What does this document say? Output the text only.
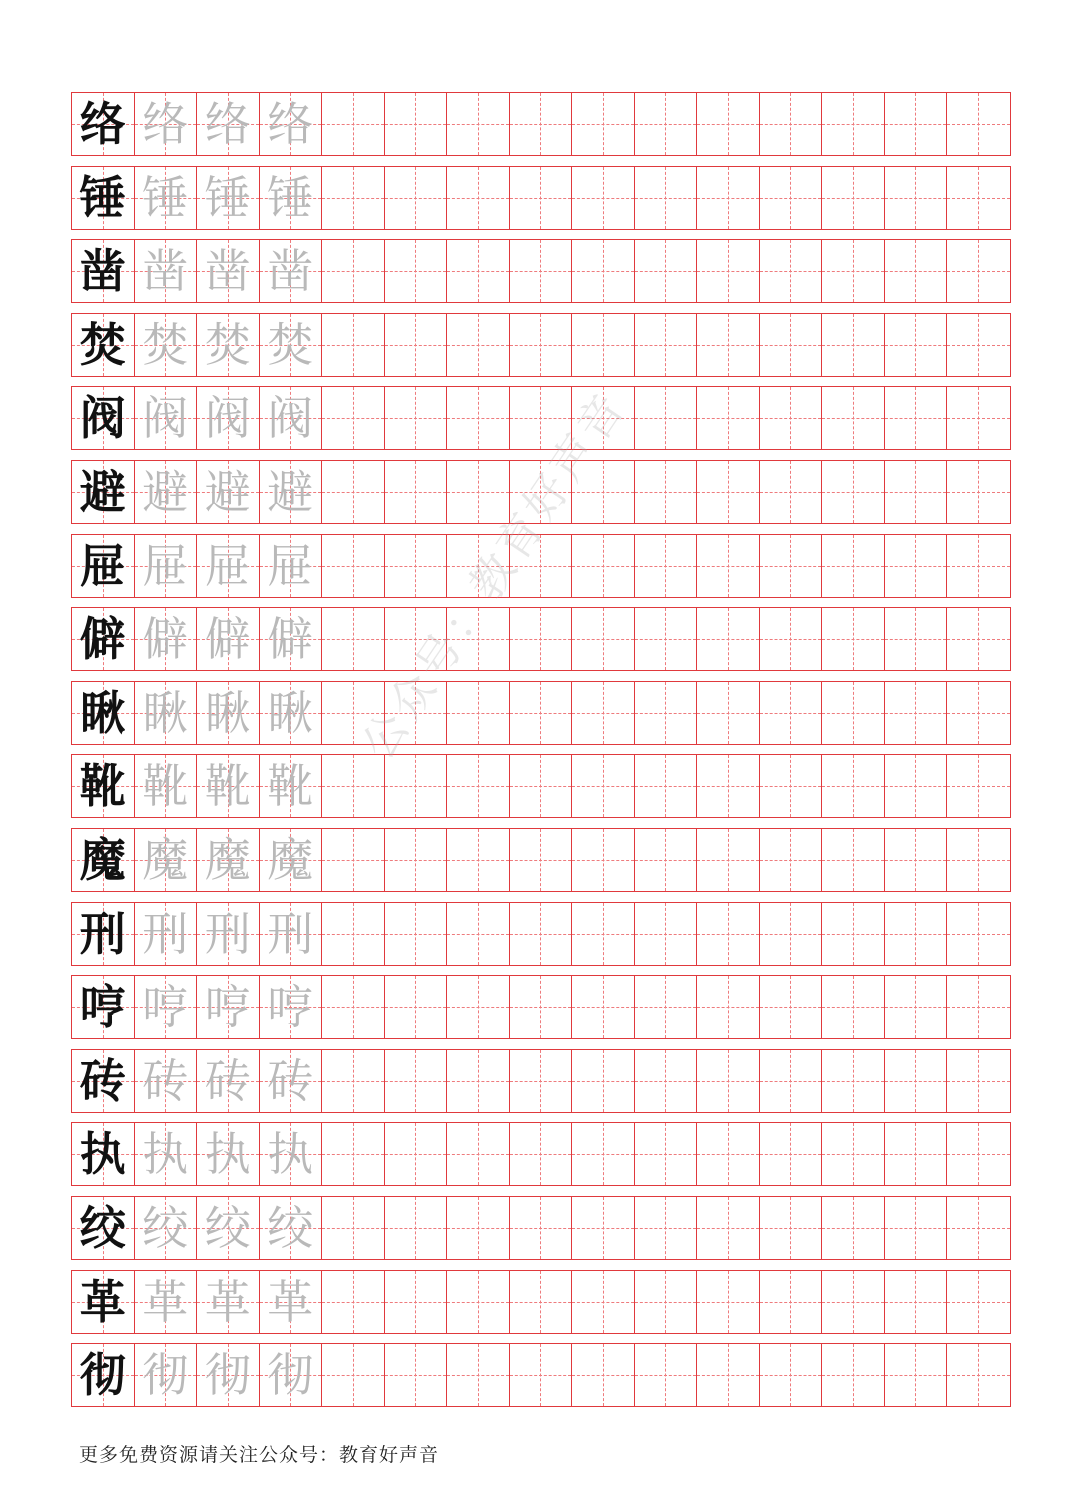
络 络 络 络
锤 锤 锤 锤
凿 凿 凿 凿
焚 焚 焚 焚
阀 阀 阀 阀
避 避 避 避
屉 屉 屉 屉
僻 僻 僻 僻
瞅 瞅 瞅 瞅
靴 靴 靴 靴
魔 魔 魔 魔
刑 刑 刑 刑
哼 哼 哼 哼
砖 砖 砖 砖
执 执 执 执
绞 绞 绞 绞
革 革 革 革
彻 彻 彻 彻
公众号：教育好声音
更多免费资源请关注公众号：教育好声音
